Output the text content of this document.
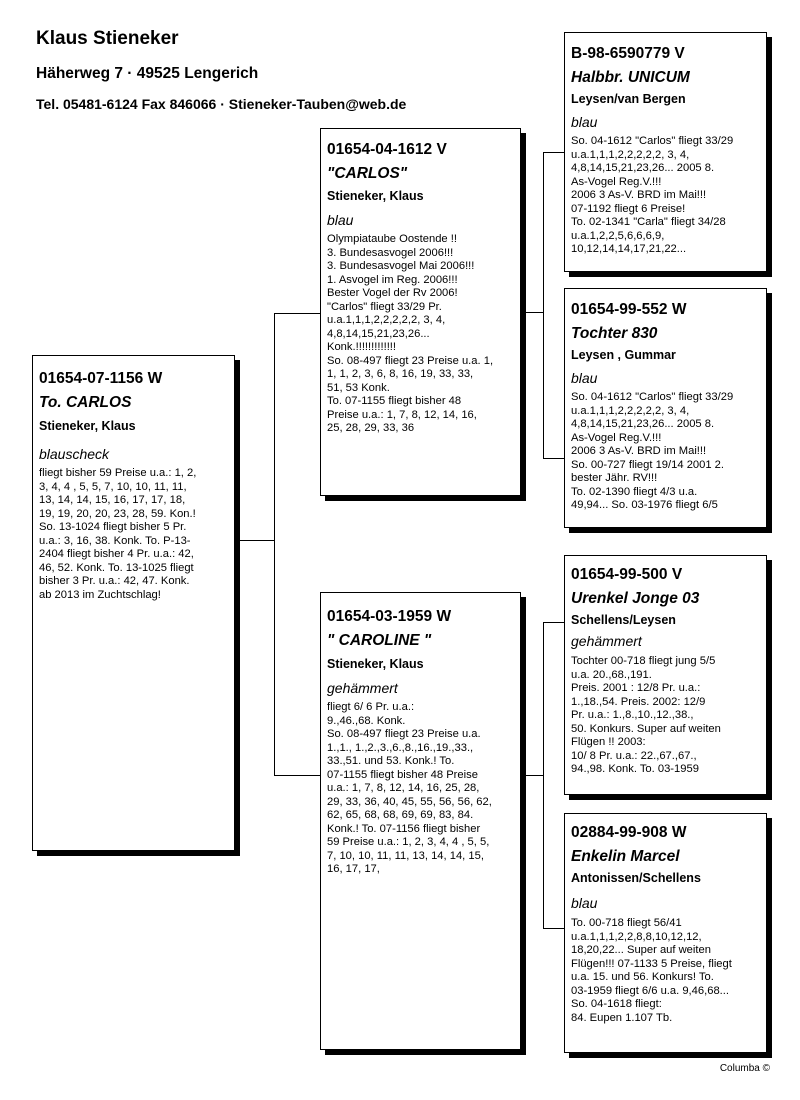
Klaus Stieneker
Häherweg 7 · 49525 Lengerich
Tel. 05481-6124 Fax 846066 · Stieneker-Tauben@web.de
01654-07-1156 W
To. CARLOS
Stieneker, Klaus
blauscheck
fliegt bisher 59 Preise u.a.: 1, 2,
3, 4, 4 , 5, 5, 7, 10, 10, 11, 11,
13, 14, 14, 15, 16, 17, 17, 18,
19, 19, 20, 20, 23, 28, 59. Kon.!
So. 13-1024 fliegt bisher 5 Pr.
u.a.: 3, 16, 38. Konk. To. P-13-
2404 fliegt bisher 4 Pr. u.a.: 42,
46, 52. Konk. To. 13-1025 fliegt
bisher 3 Pr. u.a.: 42, 47. Konk.
ab 2013 im Zuchtschlag!
01654-04-1612 V
"CARLOS"
Stieneker, Klaus
blau
Olympiataube Oostende !!
3. Bundesasvogel 2006!!!
3. Bundesasvogel Mai 2006!!!
1. Asvogel im Reg. 2006!!!
Bester Vogel der Rv 2006!
"Carlos" fliegt 33/29 Pr.
u.a.1,1,1,2,2,2,2,2, 3, 4,
4,8,14,15,21,23,26...
Konk.!!!!!!!!!!!!!
So. 08-497 fliegt 23 Preise u.a. 1,
1, 1, 2, 3, 6, 8, 16, 19, 33, 33,
51, 53 Konk.
To. 07-1155 fliegt bisher 48
Preise u.a.: 1, 7, 8, 12, 14, 16,
25, 28, 29, 33, 36
01654-03-1959 W
" CAROLINE "
Stieneker, Klaus
gehämmert
fliegt 6/ 6 Pr. u.a.:
9.,46.,68. Konk.
So. 08-497 fliegt 23 Preise u.a.
1.,1., 1.,2.,3.,6.,8.,16.,19.,33.,
33.,51. und 53. Konk.! To.
07-1155 fliegt bisher 48 Preise
u.a.: 1, 7, 8, 12, 14, 16, 25, 28,
29, 33, 36, 40, 45, 55, 56, 56, 62,
62, 65, 68, 68, 69, 69, 83, 84.
Konk.! To. 07-1156 fliegt bisher
59 Preise u.a.: 1, 2, 3, 4, 4 , 5, 5,
7, 10, 10, 11, 11, 13, 14, 14, 15,
16, 17, 17,
B-98-6590779 V
Halbbr. UNICUM
Leysen/van Bergen
blau
So. 04-1612 "Carlos" fliegt 33/29
u.a.1,1,1,2,2,2,2,2, 3, 4,
4,8,14,15,21,23,26... 2005 8.
As-Vogel Reg.V.!!!
2006 3 As-V. BRD im Mai!!!
07-1192 fliegt 6 Preise!
To. 02-1341 "Carla" fliegt 34/28
u.a.1,2,2,5,6,6,6,9,
10,12,14,14,17,21,22...
01654-99-552 W
Tochter 830
Leysen , Gummar
blau
So. 04-1612 "Carlos" fliegt 33/29
u.a.1,1,1,2,2,2,2,2, 3, 4,
4,8,14,15,21,23,26... 2005 8.
As-Vogel Reg.V.!!!
2006 3 As-V. BRD im Mai!!!
So. 00-727 fliegt 19/14 2001 2.
bester Jähr. RV!!!
To. 02-1390 fliegt 4/3 u.a.
49,94... So. 03-1976 fliegt 6/5
01654-99-500 V
Urenkel Jonge 03
Schellens/Leysen
gehämmert
Tochter 00-718 fliegt jung 5/5
u.a. 20.,68.,191.
Preis. 2001 : 12/8 Pr. u.a.:
1.,18.,54. Preis. 2002: 12/9
Pr. u.a.: 1.,8.,10.,12.,38.,
50. Konkurs. Super auf weiten
Flügen !! 2003:
10/ 8 Pr. u.a.: 22.,67.,67.,
94.,98. Konk. To. 03-1959
02884-99-908 W
Enkelin Marcel
Antonissen/Schellens
blau
To. 00-718 fliegt 56/41
u.a.1,1,1,2,2,8,8,10,12,12,
18,20,22... Super auf weiten
Flügen!!! 07-1133 5 Preise, fliegt
u.a. 15. und 56. Konkurs! To.
03-1959 fliegt 6/6 u.a. 9,46,68...
So. 04-1618 fliegt:
84. Eupen 1.107 Tb.
Columba ©
